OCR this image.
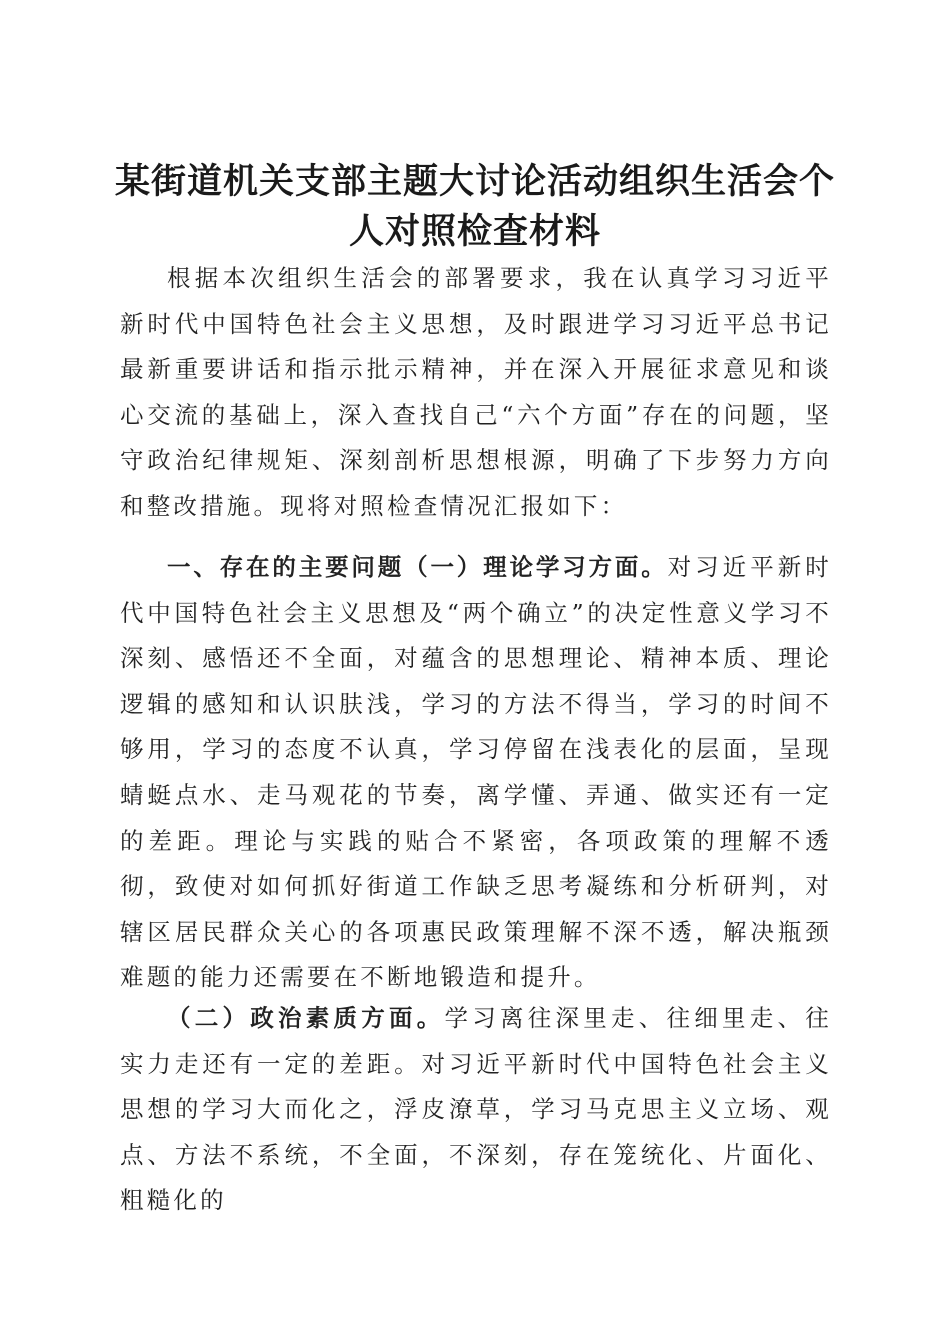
某街道机关支部主题大讨论活动组织生活会个人对照检查材料

根据本次组织生活会的部署要求，我在认真学习习近平新时代中国特色社会主义思想，及时跟进学习习近平总书记最新重要讲话和指示批示精神，并在深入开展征求意见和谈心交流的基础上，深入查找自己“六个方面”存在的问题，坚守政治纪律规矩、深刻剖析思想根源，明确了下步努力方向和整改措施。现将对照检查情况汇报如下：

一、存在的主要问题（一）理论学习方面。对习近平新时代中国特色社会主义思想及“两个确立”的决定性意义学习不深刻、感悟还不全面，对蕴含的思想理论、精神本质、理论逻辑的感知和认识肤浅，学习的方法不得当，学习的时间不够用，学习的态度不认真，学习停留在浅表化的层面，呈现蜻蜓点水、走马观花的节奏，离学懂、弄通、做实还有一定的差距。理论与实践的贴合不紧密，各项政策的理解不透彻，致使对如何抓好街道工作缺乏思考凝练和分析研判，对辖区居民群众关心的各项惠民政策理解不深不透，解决瓶颈难题的能力还需要在不断地锻造和提升。

（二）政治素质方面。学习离往深里走、往细里走、往实力走还有一定的差距。对习近平新时代中国特色社会主义思想的学习大而化之，浮皮潦草，学习马克思主义立场、观点、方法不系统，不全面，不深刻，存在笼统化、片面化、粗糙化的
